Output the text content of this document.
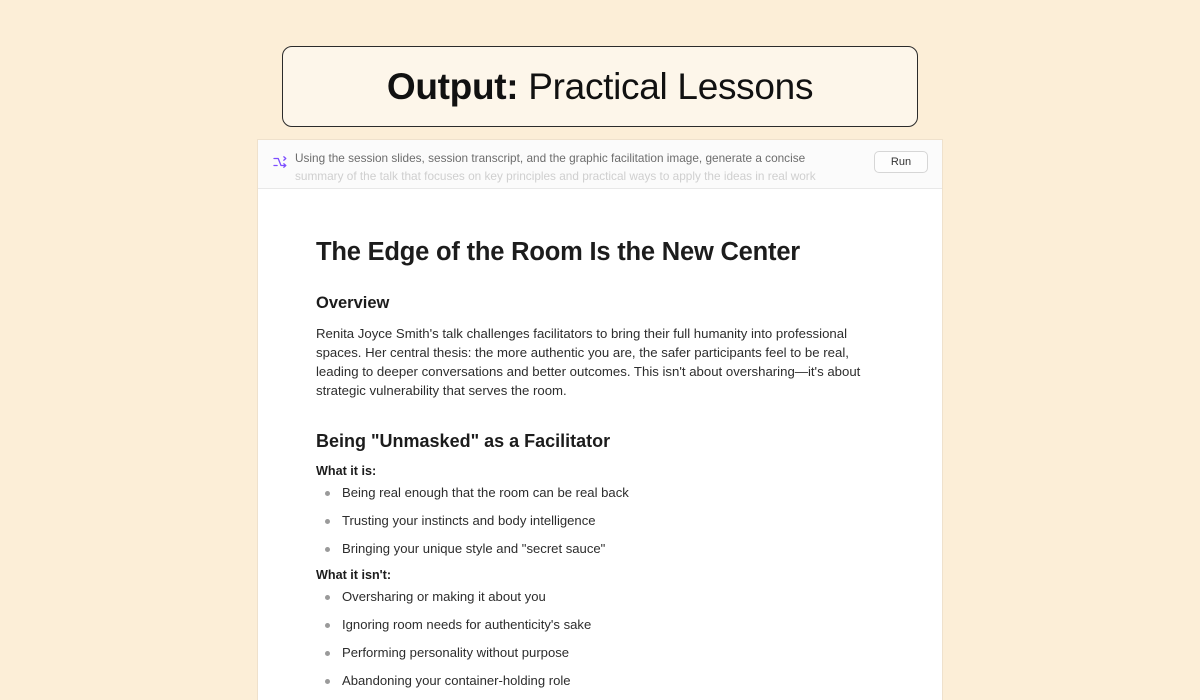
Output: Practical Lessons
Using the session slides, session transcript, and the graphic facilitation image, generate a concise summary of the talk that focuses on key principles and practical ways to apply the ideas in real work
Run
The Edge of the Room Is the New Center
Overview

Renita Joyce Smith's talk challenges facilitators to bring their full humanity into professional spaces. Her central thesis: the more authentic you are, the safer participants feel to be real, leading to deeper conversations and better outcomes. This isn't about oversharing—it's about strategic vulnerability that serves the room.

Being "Unmasked" as a Facilitator

What it is:

Being real enough that the room can be real back
Trusting your instincts and body intelligence
Bringing your unique style and "secret sauce"

What it isn't:

Oversharing or making it about you
Ignoring room needs for authenticity's sake
Performing personality without purpose
Abandoning your container-holding role
